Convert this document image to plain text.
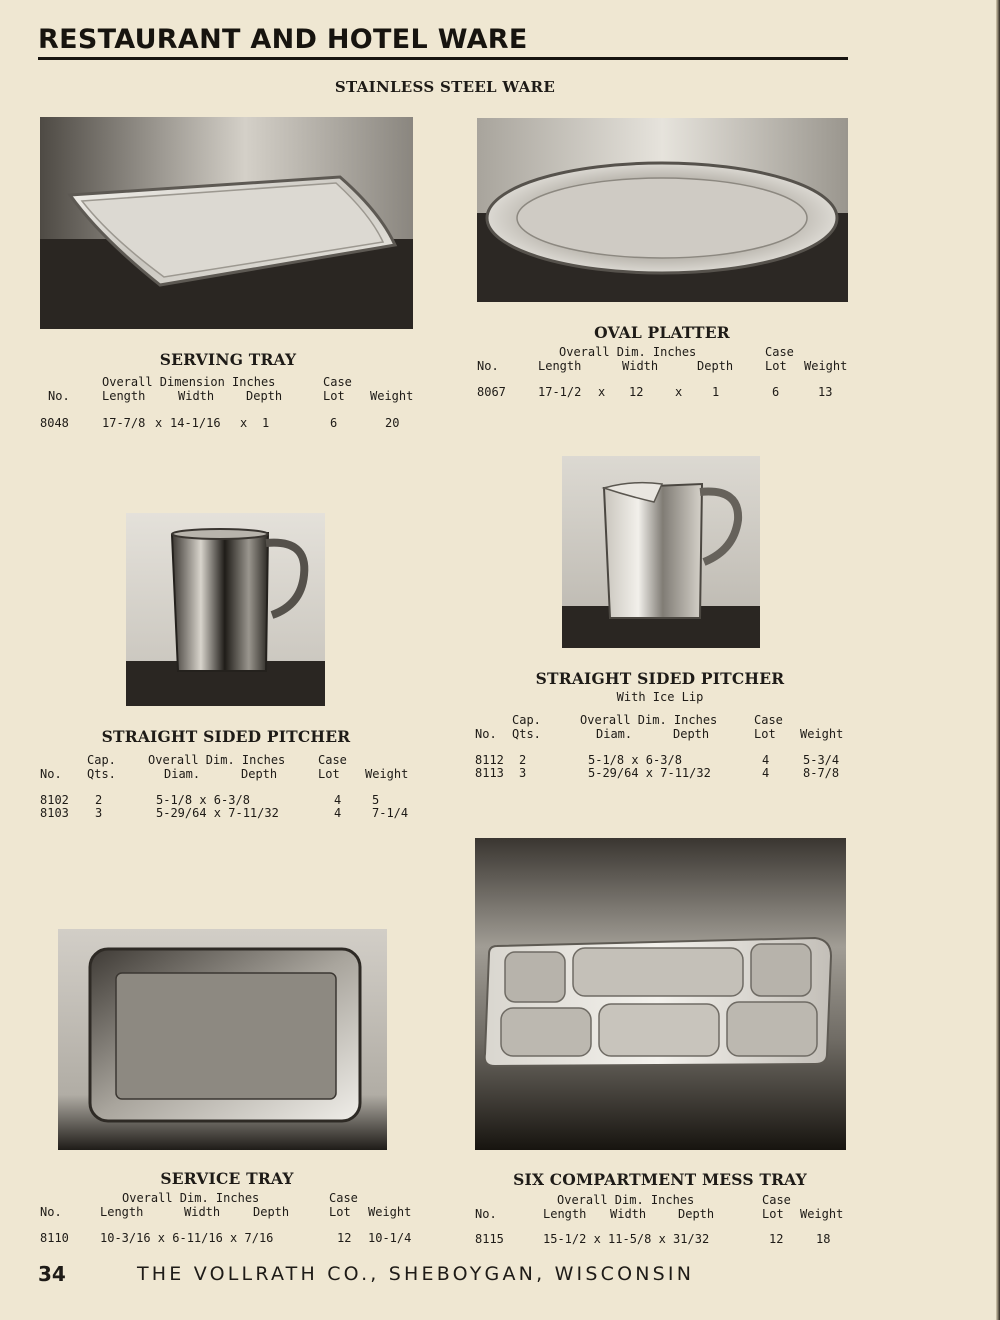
RESTAURANT AND HOTEL WARE
STAINLESS STEEL WARE
SERVING TRAY
Overall Dimension Inches	Case
No.	Length	Width	Depth	Lot Weight
8048	17-7/8 x 14-1/16 x 1	6	20
OVAL PLATTER
Overall Dim. Inches	Case
No.	Length	Width	Depth	Lot Weight
8067	17-1/2 x 12	x 1	6	13
STRAIGHT SIDED PITCHER
Cap.	Overall Dim. Inches	Case
No. Qts.	Diam.	Depth	Lot Weight
8102 2	5-1/8 x 6-3/8	4	5
8103 3	5-29/64 x 7-11/32	4	7-1/4
STRAIGHT SIDED PITCHER
With Ice Lip
Cap.	Overall Dim. Inches	Case
No. Qts.	Diam.	Depth	Lot Weight
8112 2	5-1/8 x 6-3/8	4	5-3/4
8113 3	5-29/64 x 7-11/32	4	8-7/8
SERVICE TRAY
Overall Dim. Inches	Case
No.	Length	Width	Depth	Lot Weight
8110	10-3/16 x 6-11/16 x 7/16	12 10-1/4
SIX COMPARTMENT MESS TRAY
Overall Dim. Inches	Case
No.	Length Width	Depth	Lot Weight
8115	15-1/2 x 11-5/8 x 31/32	12	18
34	THE VOLLRATH CO., SHEBOYGAN, WISCONSIN
